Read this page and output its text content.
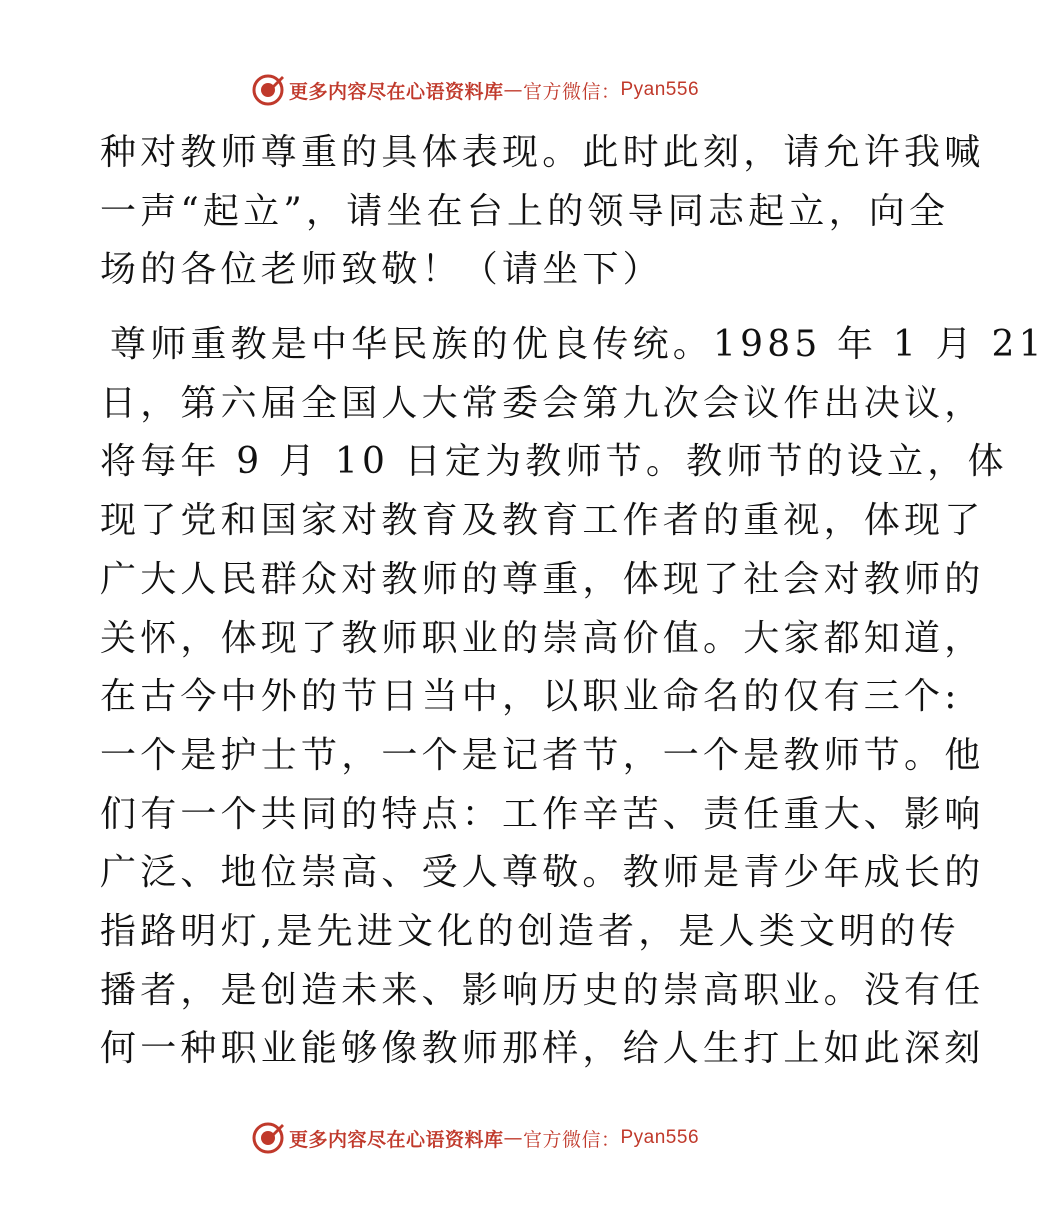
更多内容尽在心语资料库 — 官方微信： Pyan556
种对教师尊重的具体表现。此时此刻，请允许我喊
一声“起立”，请坐在台上的领导同志起立，向全
场的各位老师致敬！（请坐下）
尊师重教是中华民族的优良传统。1985 年 1 月 21
日，第六届全国人大常委会第九次会议作出决议，
将每年 9 月 10 日定为教师节。教师节的设立，体
现了党和国家对教育及教育工作者的重视，体现了
广大人民群众对教师的尊重，体现了社会对教师的
关怀，体现了教师职业的崇高价值。大家都知道，
在古今中外的节日当中，以职业命名的仅有三个:
一个是护士节，一个是记者节，一个是教师节。他
们有一个共同的特点：工作辛苦、责任重大、影响
广泛、地位崇高、受人尊敬。教师是青少年成长的
指路明灯,是先进文化的创造者，是人类文明的传
播者，是创造未来、影响历史的崇高职业。没有任
何一种职业能够像教师那样，给人生打上如此深刻
更多内容尽在心语资料库 — 官方微信： Pyan556
